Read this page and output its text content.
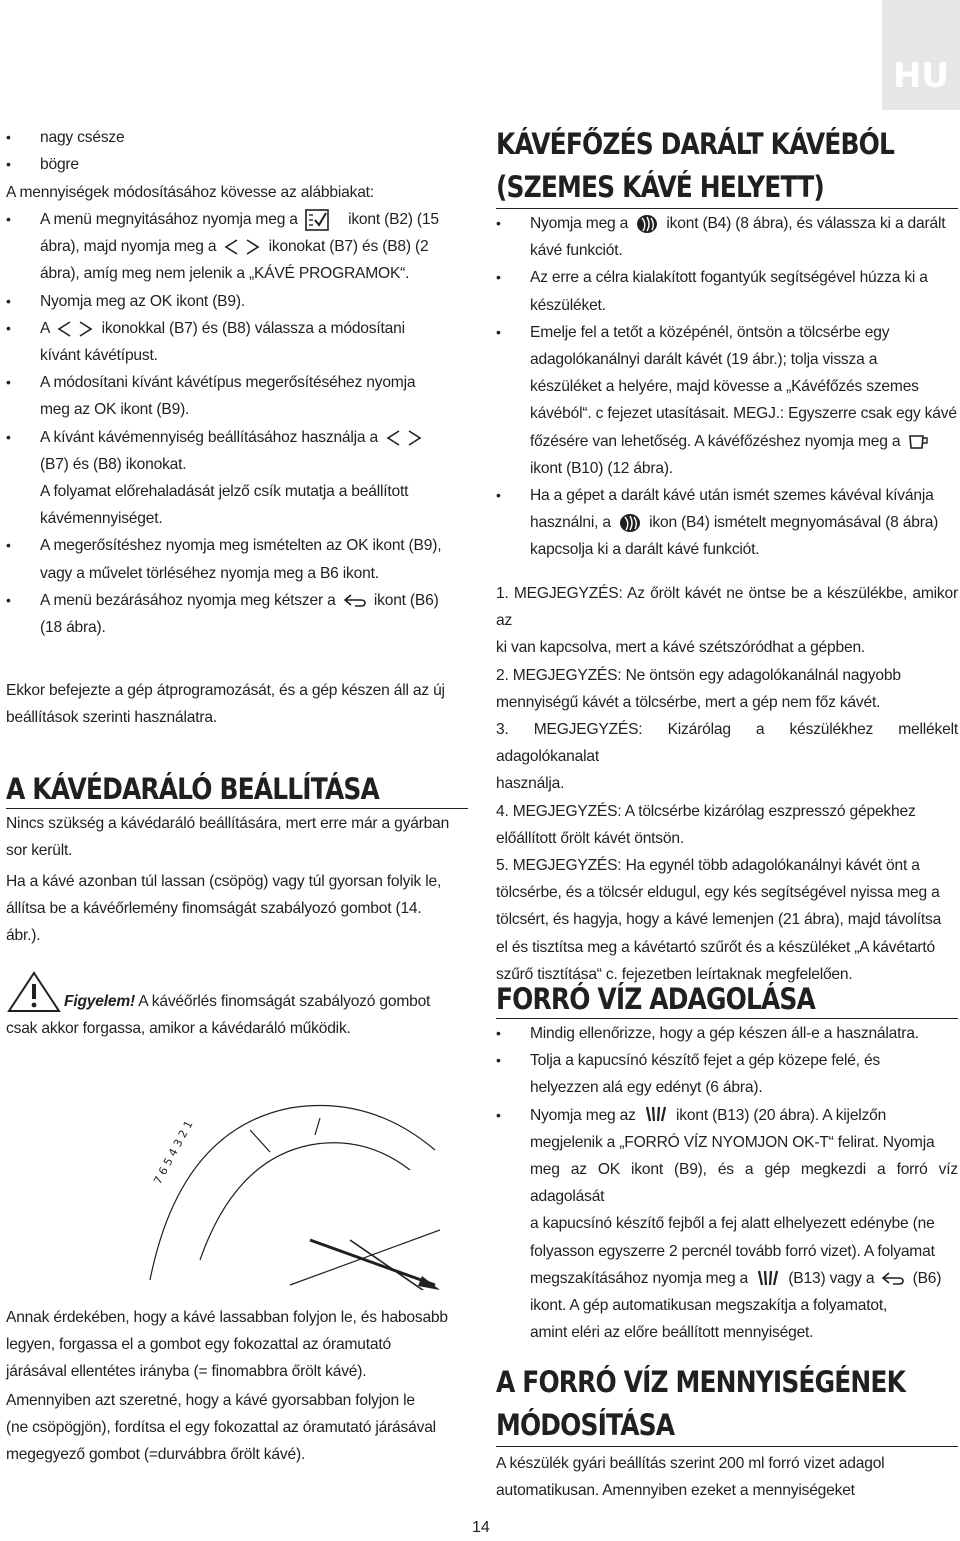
HU
• nagy csésze
• bögre
A mennyiségek módosításához kövesse az alábbiakat:
• A menü megnyitásához nyomja meg a	ikont (B2) (15
ábra), majd nyomja meg a	ikonokat (B7) és (B8) (2
ábra), amíg meg nem jelenik a „KÁVÉ PROGRAMOK“.
• Nyomja meg az OK ikont (B9).
• A	ikonokkal (B7) és (B8) válassza a módosítani
kívánt kávétípust.
• A módosítani kívánt kávétípus megerősítéséhez nyomja
meg az OK ikont (B9).
• A kívánt kávémennyiség beállításához használja a

(B7) és (B8) ikonokat.
A folyamat előrehaladását jelző csík mutatja a beállított
kávémennyiséget.
• A megerősítéshez nyomja meg ismételten az OK ikont (B9),
vagy a művelet törléséhez nyomja meg a B6 ikont.
• A menü bezárásához nyomja meg kétszer a ikont (B6)
(18 ábra).
Ekkor befejezte a gép átprogramozását, és a gép készen áll az új
beállítások szerinti használatra.
A KÁVÉDARÁLÓ BEÁLLÍTÁSA
Nincs szükség a kávédaráló beállítására, mert erre már a gyárban
sor került.
Ha a kávé azonban túl lassan (csöpög) vagy túl gyorsan folyik le,
állítsa be a kávéőrlemény finomságát szabályozó gombot (14.
ábr.).
Figyelem! A kávéőrlés finomságát szabályozó gombot
csak akkor forgassa, amikor a kávédaráló működik.
7 6 5 4 3 2 1
Annak érdekében, hogy a kávé lassabban folyjon le, és habosabb
legyen, forgassa el a gombot egy fokozattal az óramutató
járásával ellentétes irányba (= finomabbra őrölt kávé).
Amennyiben azt szeretné, hogy a kávé gyorsabban folyjon le
(ne csöpögjön), fordítsa el egy fokozattal az óramutató járásával
megegyező gombot (=durvábbra őrölt kávé).
KÁVÉFŐZÉS DARÁLT KÁVÉBÓL
(SZEMES KÁVÉ HELYETT)
• Nyomja meg a ikont (B4) (8 ábra), és válassza ki a darált
kávé funkciót.
• Az erre a célra kialakított fogantyúk segítségével húzza ki a
készüléket.
• Emelje fel a tetőt a középénél, öntsön a tölcsérbe egy
adagolókanálnyi darált kávét (19 ábr.); tolja vissza a
készüléket a helyére, majd kövesse a „Kávéfőzés szemes
kávéból“. c fejezet utasításait. MEGJ.: Egyszerre csak egy kávé
főzésére van lehetőség. A kávéfőzéshez nyomja meg a

ikont (B10) (12 ábra).
• Ha a gépet a darált kávé után ismét szemes kávéval kívánja
használni, a ikon (B4) ismételt megnyomásával (8 ábra)
kapcsolja ki a darált kávé funkciót.
1. MEGJEGYZÉS: Az őrölt kávét ne öntse be a készülékbe, amikor az
ki van kapcsolva, mert a kávé szétszóródhat a gépben.
2. MEGJEGYZÉS: Ne öntsön egy adagolókanálnál nagyobb
mennyiségű kávét a tölcsérbe, mert a gép nem főz kávét.
3. MEGJEGYZÉS: Kizárólag a készülékhez mellékelt adagolókanalat
használja.
4. MEGJEGYZÉS: A tölcsérbe kizárólag eszpresszó gépekhez
előállított őrölt kávét öntsön.
5. MEGJEGYZÉS: Ha egynél több adagolókanálnyi kávét önt a
tölcsérbe, és a tölcsér eldugul, egy kés segítségével nyissa meg a
tölcsért, és hagyja, hogy a kávé lemenjen (21 ábra), majd távolítsa
el és tisztítsa meg a kávétartó szűrőt és a készüléket „A kávétartó
szűrő tisztítása“ c. fejezetben leírtaknak megfelelően.
FORRÓ VÍZ ADAGOLÁSA
• Mindig ellenőrizze, hogy a gép készen áll-e a használatra.
• Tolja a kapucsínó készítő fejet a gép közepe felé, és
helyezzen alá egy edényt (6 ábra).
• Nyomja meg az	ikont (B13) (20 ábra). A kijelzőn
megjelenik a „FORRÓ VÍZ NYOMJON OK-T“ felirat. Nyomja
meg az OK ikont (B9), és a gép megkezdi a forró víz adagolását
a kapucsínó készítő fejből a fej alatt elhelyezett edénybe (ne
folyasson egyszerre 2 percnél tovább forró vizet). A folyamat
megszakításához nyomja meg a	(B13) vagy a (B6)
ikont. A gép automatikusan megszakítja a folyamatot,
amint eléri az előre beállított mennyiséget.
A FORRÓ VÍZ MENNYISÉGÉNEK
MÓDOSÍTÁSA
A készülék gyári beállítás szerint 200 ml forró vizet adagol
automatikusan. Amennyiben ezeket a mennyiségeket
14
